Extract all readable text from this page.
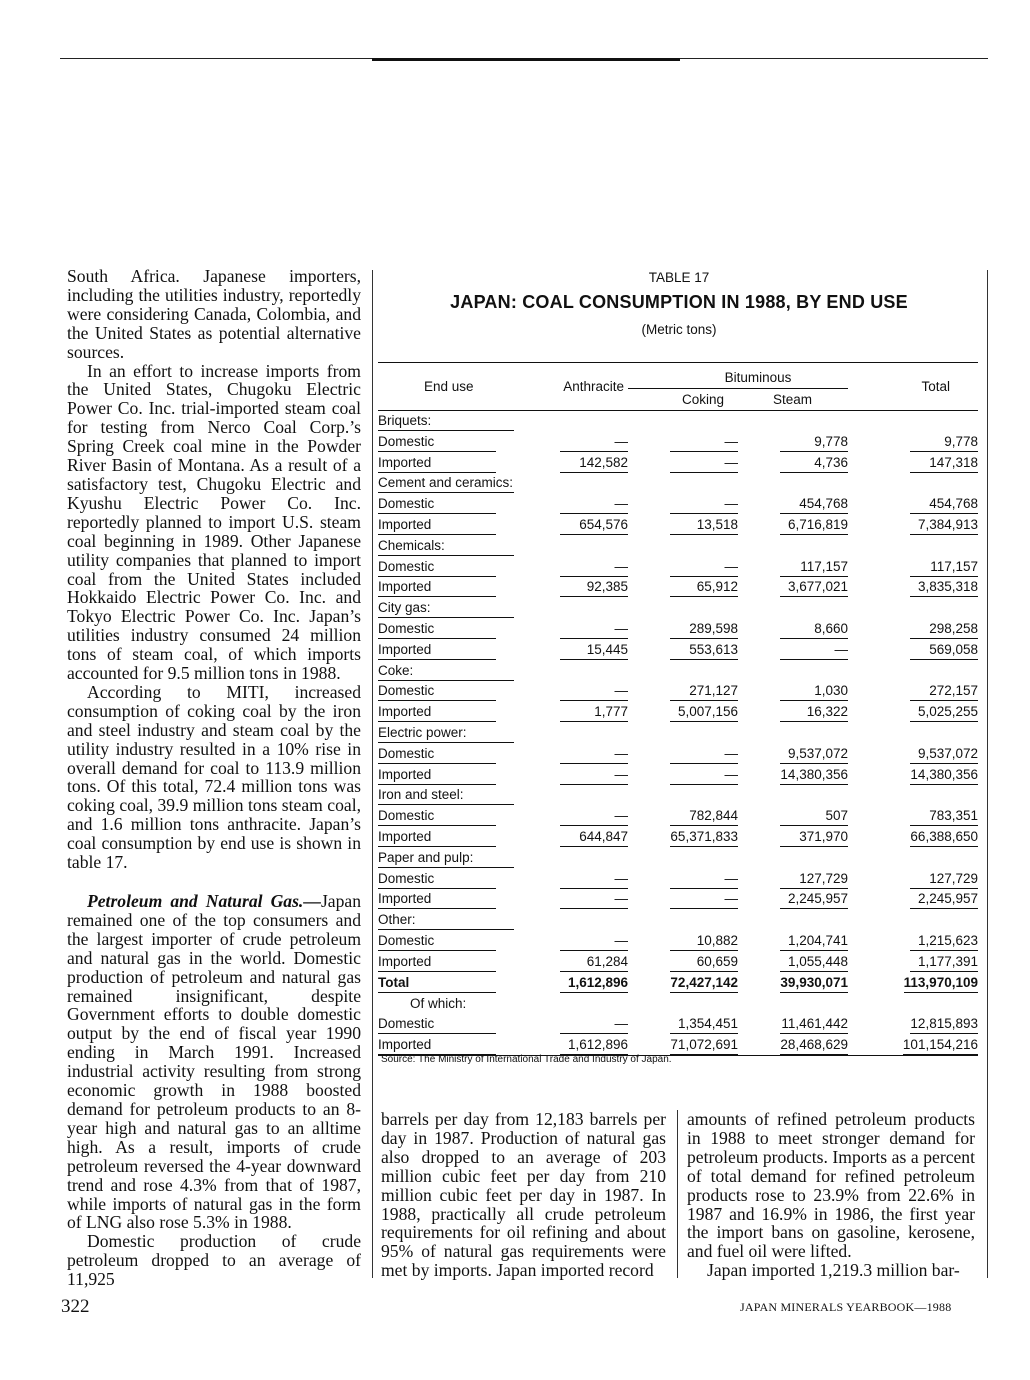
South Africa. Japanese importers, including the utilities industry, reportedly were considering Canada, Colombia, and the United States as potential alternative sources.

In an effort to increase imports from the United States, Chugoku Electric Power Co. Inc. trial-imported steam coal for testing from Nerco Coal Corp.’s Spring Creek coal mine in the Powder River Basin of Montana. As a result of a satisfactory test, Chugoku Electric and Kyushu Electric Power Co. Inc. reportedly planned to import U.S. steam coal beginning in 1989. Other Japanese utility companies that planned to import coal from the United States included Hokkaido Electric Power Co. Inc. and Tokyo Electric Power Co. Inc. Japan’s utilities industry consumed 24 million tons of steam coal, of which imports accounted for 9.5 million tons in 1988.

According to MITI, increased consumption of coking coal by the iron and steel industry and steam coal by the utility industry resulted in a 10% rise in overall demand for coal to 113.9 million tons. Of this total, 72.4 million tons was coking coal, 39.9 million tons steam coal, and 1.6 million tons anthracite. Japan’s coal consumption by end use is shown in table 17.

Petroleum and Natural Gas.—Japan remained one of the top consumers and the largest importer of crude petroleum and natural gas in the world. Domestic production of petroleum and natural gas remained insignificant, despite Government efforts to double domestic output by the end of fiscal year 1990 ending in March 1991. Increased industrial activity resulting from strong economic growth in 1988 boosted demand for petroleum products to an 8-year high and natural gas to an alltime high. As a result, imports of crude petroleum reversed the 4-year downward trend and rose 4.3% from that of 1987, while imports of natural gas in the form of LNG also rose 5.3% in 1988.

Domestic production of crude petroleum dropped to an average of 11,925

TABLE 17
JAPAN: COAL CONSUMPTION IN 1988, BY END USE
(Metric tons)
End use	Anthracite	Bituminous		Total
		Coking	Steam	
Briquets:				
Domestic	—	—	9,778	9,778
Imported	142,582	—	4,736	147,318
Cement and ceramics:				
Domestic	—	—	454,768	454,768
Imported	654,576	13,518	6,716,819	7,384,913
Chemicals:				
Domestic	—	—	117,157	117,157
Imported	92,385	65,912	3,677,021	3,835,318
City gas:				
Domestic	—	289,598	8,660	298,258
Imported	15,445	553,613	—	569,058
Coke:				
Domestic	—	271,127	1,030	272,157
Imported	1,777	5,007,156	16,322	5,025,255
Electric power:				
Domestic	—	—	9,537,072	9,537,072
Imported	—	—	14,380,356	14,380,356
Iron and steel:				
Domestic	—	782,844	507	783,351
Imported	644,847	65,371,833	371,970	66,388,650
Paper and pulp:				
Domestic	—	—	127,729	127,729
Imported	—	—	2,245,957	2,245,957
Other:				
Domestic	—	10,882	1,204,741	1,215,623
Imported	61,284	60,659	1,055,448	1,177,391
Total	1,612,896	72,427,142	39,930,071	113,970,109
Of which:				
Domestic	—	1,354,451	11,461,442	12,815,893
Imported	1,612,896	71,072,691	28,468,629	101,154,216
Source: The Ministry of International Trade and Industry of Japan.

barrels per day from 12,183 barrels per day in 1987. Production of natural gas also dropped to an average of 203 million cubic feet per day from 210 million cubic feet per day in 1987. In 1988, practically all crude petroleum requirements for oil refining and about 95% of natural gas requirements were met by imports. Japan imported record

amounts of refined petroleum products in 1988 to meet stronger demand for petroleum products. Imports as a percent of total demand for refined petroleum products rose to 23.9% from 22.6% in 1987 and 16.9% in 1986, the first year the import bans on gasoline, kerosene, and fuel oil were lifted.

Japan imported 1,219.3 million bar-

322	JAPAN MINERALS YEARBOOK—1988
